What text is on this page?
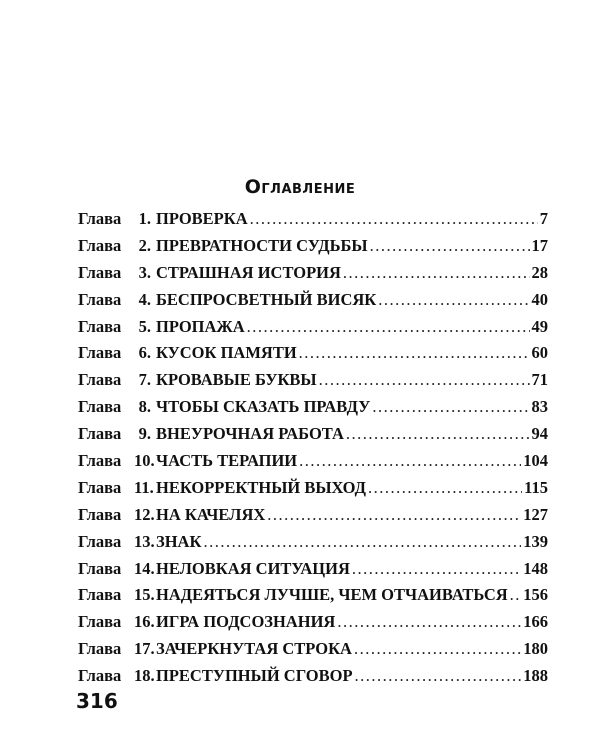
Оглавление
Глава	1. ПРОВЕРКА .....	7
Глава	2. ПРЕВРАТНОСТИ СУДЬБЫ .....	17
Глава	3. СТРАШНАЯ ИСТОРИЯ .....	28
Глава	4. БЕСПРОСВЕТНЫЙ ВИСЯК .....	40
Глава	5. ПРОПАЖА .....	49
Глава	6. КУСОК ПАМЯТИ .....	60
Глава	7. КРОВАВЫЕ БУКВЫ .....	71
Глава	8. ЧТОБЫ СКАЗАТЬ ПРАВДУ .....	83
Глава	9. ВНЕУРОЧНАЯ РАБОТА .....	94
Глава 10. ЧАСТЬ ТЕРАПИИ .....	104
Глава 11. НЕКОРРЕКТНЫЙ ВЫХОД .....	115
Глава 12. НА КАЧЕЛЯХ .....	127
Глава 13. ЗНАК .....	139
Глава 14. НЕЛОВКАЯ СИТУАЦИЯ .....	148
Глава 15. НАДЕЯТЬСЯ ЛУЧШЕ, ЧЕМ ОТЧАИВАТЬСЯ ..... 156
Глава 16. ИГРА ПОДСОЗНАНИЯ .....	166
Глава 17. ЗАЧЕРКНУТАЯ СТРОКА .....	180
Глава 18. ПРЕСТУПНЫЙ СГОВОР .....	188
316
